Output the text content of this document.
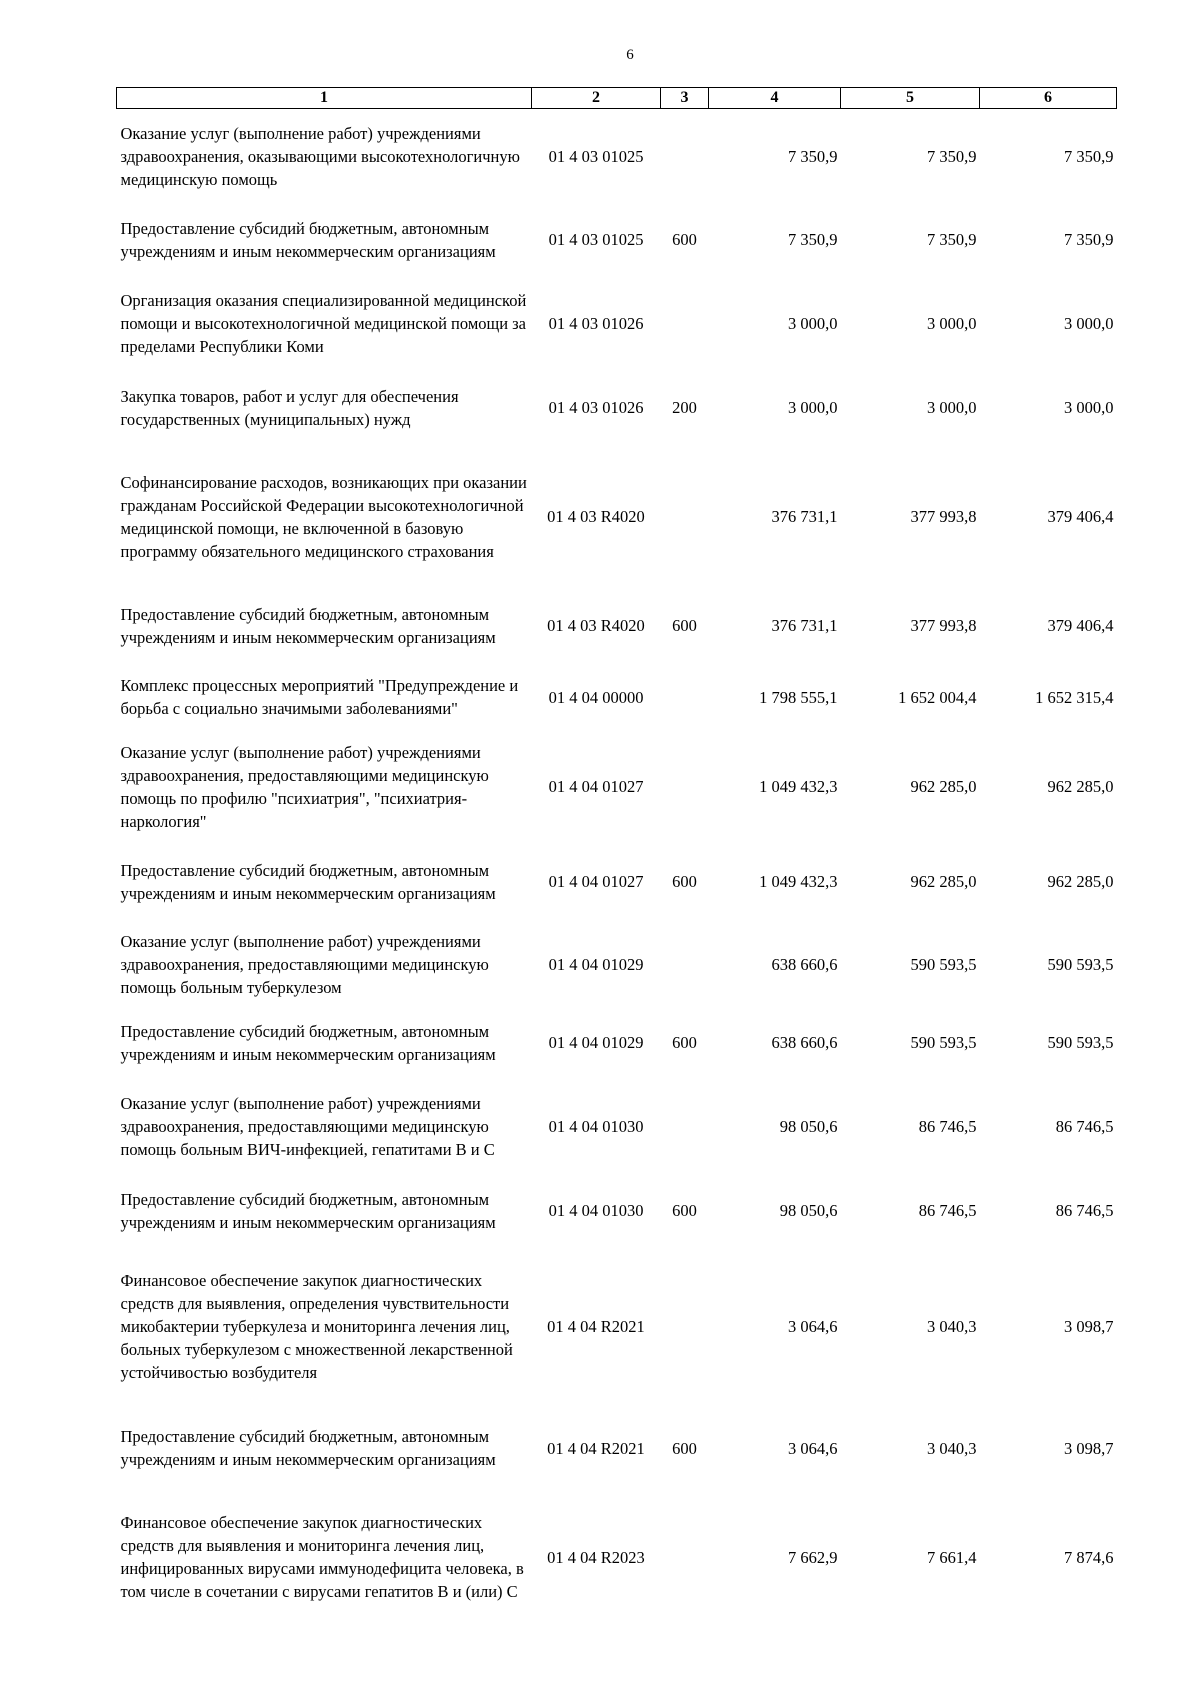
6
1	2	3	4	5	6
Оказание услуг (выполнение работ) учреждениями здравоохранения, оказывающими высокотехнологичную медицинскую помощь	01 4 03 01025		7 350,9	7 350,9	7 350,9
Предоставление субсидий бюджетным, автономным учреждениям и иным некоммерческим организациям	01 4 03 01025	600	7 350,9	7 350,9	7 350,9
Организация оказания специализированной медицинской помощи и высокотехнологичной медицинской помощи за пределами Республики Коми	01 4 03 01026		3 000,0	3 000,0	3 000,0
Закупка товаров, работ и услуг для обеспечения государственных (муниципальных) нужд	01 4 03 01026	200	3 000,0	3 000,0	3 000,0
Софинансирование расходов, возникающих при оказании гражданам Российской Федерации высокотехнологичной медицинской помощи, не включенной в базовую программу обязательного медицинского страхования	01 4 03 R4020		376 731,1	377 993,8	379 406,4
Предоставление субсидий бюджетным, автономным учреждениям и иным некоммерческим организациям	01 4 03 R4020	600	376 731,1	377 993,8	379 406,4
Комплекс процессных мероприятий "Предупреждение и борьба с социально значимыми заболеваниями"	01 4 04 00000		1 798 555,1	1 652 004,4	1 652 315,4
Оказание услуг (выполнение работ) учреждениями здравоохранения, предоставляющими медицинскую помощь по профилю "психиатрия", "психиатрия-наркология"	01 4 04 01027		1 049 432,3	962 285,0	962 285,0
Предоставление субсидий бюджетным, автономным учреждениям и иным некоммерческим организациям	01 4 04 01027	600	1 049 432,3	962 285,0	962 285,0
Оказание услуг (выполнение работ) учреждениями здравоохранения, предоставляющими медицинскую помощь больным туберкулезом	01 4 04 01029		638 660,6	590 593,5	590 593,5
Предоставление субсидий бюджетным, автономным учреждениям и иным некоммерческим организациям	01 4 04 01029	600	638 660,6	590 593,5	590 593,5
Оказание услуг (выполнение работ) учреждениями здравоохранения, предоставляющими медицинскую помощь больным ВИЧ-инфекцией, гепатитами B и C	01 4 04 01030		98 050,6	86 746,5	86 746,5
Предоставление субсидий бюджетным, автономным учреждениям и иным некоммерческим организациям	01 4 04 01030	600	98 050,6	86 746,5	86 746,5
Финансовое обеспечение закупок диагностических средств для выявления, определения чувствительности микобактерии туберкулеза и мониторинга лечения лиц, больных туберкулезом с множественной лекарственной устойчивостью возбудителя	01 4 04 R2021		3 064,6	3 040,3	3 098,7
Предоставление субсидий бюджетным, автономным учреждениям и иным некоммерческим организациям	01 4 04 R2021	600	3 064,6	3 040,3	3 098,7
Финансовое обеспечение закупок диагностических средств для выявления и мониторинга лечения лиц, инфицированных вирусами иммунодефицита человека, в том числе в сочетании с вирусами гепатитов B и (или) C	01 4 04 R2023		7 662,9	7 661,4	7 874,6
